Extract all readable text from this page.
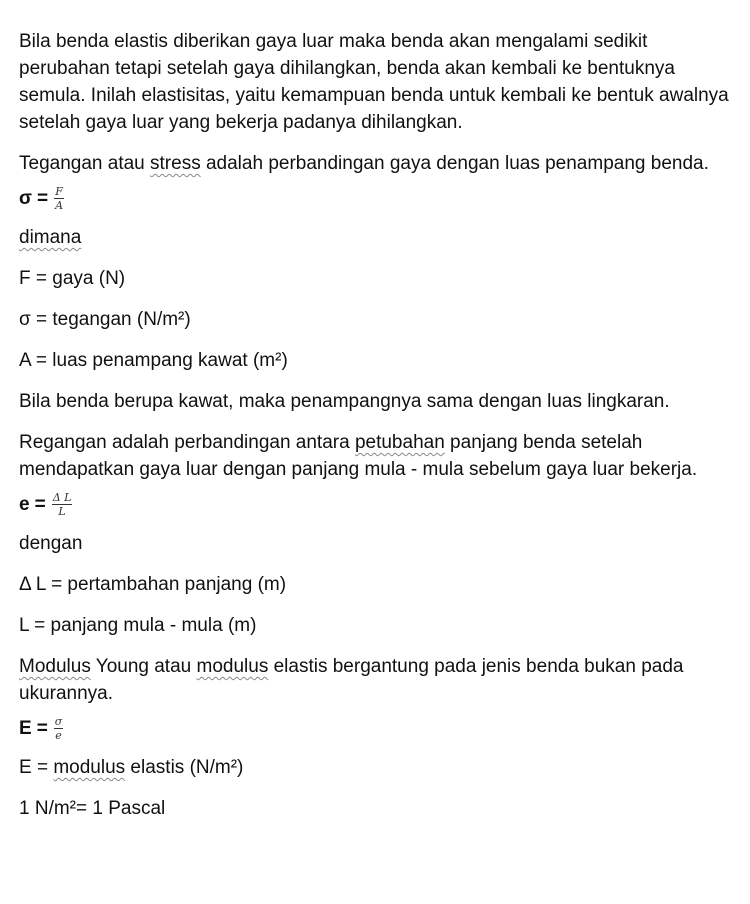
Bila benda elastis diberikan gaya luar maka benda akan mengalami sedikit perubahan tetapi setelah gaya dihilangkan, benda akan kembali ke bentuknya semula. Inilah elastisitas, yaitu kemampuan benda untuk kembali ke bentuk awalnya setelah gaya luar yang bekerja padanya dihilangkan.

Tegangan atau stress adalah perbandingan gaya dengan luas penampang benda.

$\sigma = \frac{F}{A}$

dimana

F = gaya (N)

σ = tegangan (N/m²)

A = luas penampang kawat (m²)

Bila benda berupa kawat, maka penampangnya sama dengan luas lingkaran.

Regangan adalah perbandingan antara petubahan panjang benda setelah mendapatkan gaya luar dengan panjang mula - mula sebelum gaya luar bekerja.

$e = \frac{\text{Δ L}}{L}$

dengan

Δ L = pertambahan panjang (m)

L = panjang mula - mula (m)

Modulus Young atau modulus elastis bergantung pada jenis benda bukan pada ukurannya.

$E = \frac{\sigma}{e}$

E = modulus elastis (N/m²)

1 N/m²= 1 Pascal
